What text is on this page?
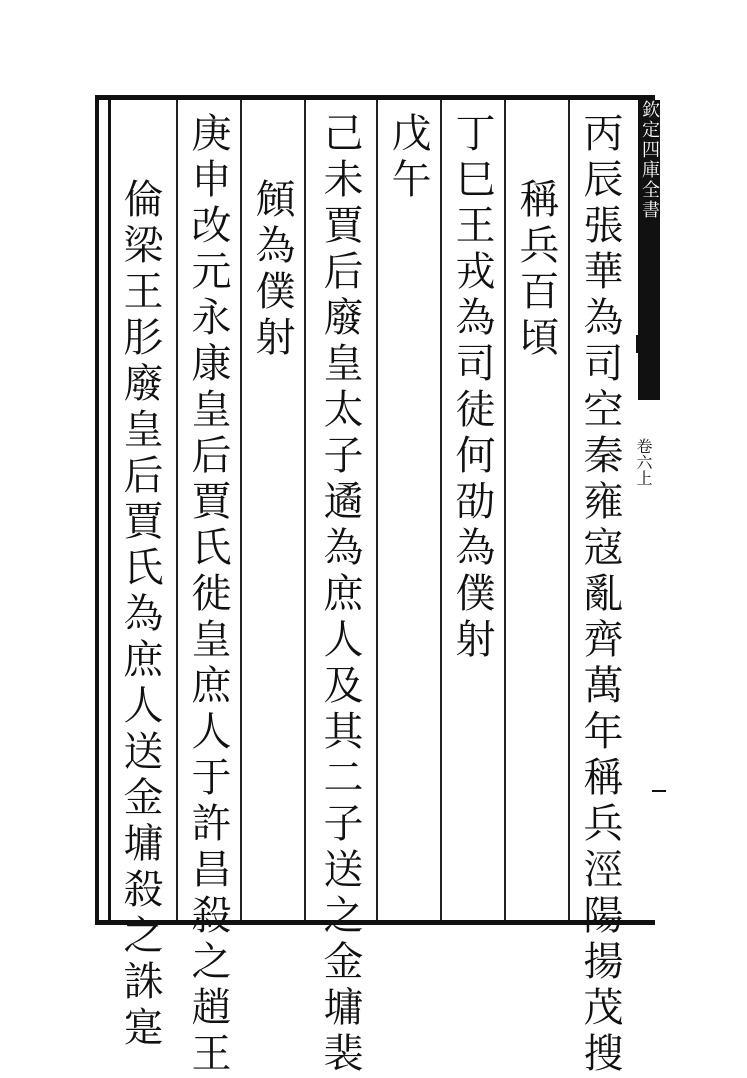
欽定四庫全書
卷六上
丙辰張華為司空秦雍寇亂齊萬年稱兵涇陽揚茂搜
稱兵百頃
丁巳王戎為司徒何劭為僕射
戊午
己未賈后廢皇太子遹為庶人及其二子送之金墉裴
頠為僕射
庚申改元永康皇后賈氏徙皇庶人于許昌殺之趙王
倫梁王肜廢皇后賈氏為庶人送金墉殺之誅寔
